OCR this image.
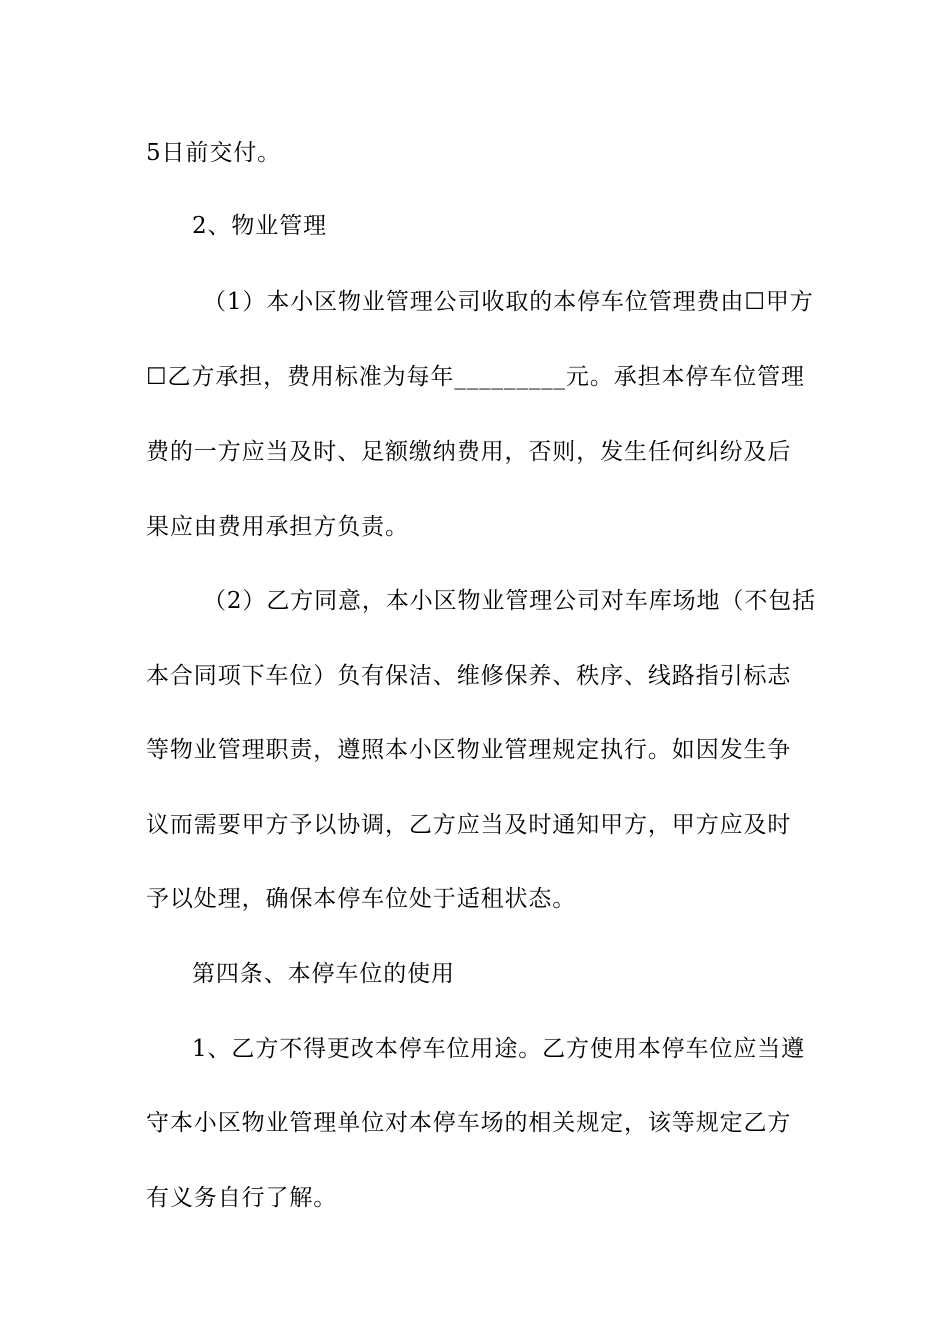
5日前交付。
2、物业管理
（1）本小区物业管理公司收取的本停车位管理费由☐甲方
☐乙方承担，费用标准为每年_________元。承担本停车位管理
费的一方应当及时、足额缴纳费用，否则，发生任何纠纷及后
果应由费用承担方负责。
（2）乙方同意，本小区物业管理公司对车库场地（不包括
本合同项下车位）负有保洁、维修保养、秩序、线路指引标志
等物业管理职责，遵照本小区物业管理规定执行。如因发生争
议而需要甲方予以协调，乙方应当及时通知甲方，甲方应及时
予以处理，确保本停车位处于适租状态。
第四条、本停车位的使用
1、乙方不得更改本停车位用途。乙方使用本停车位应当遵
守本小区物业管理单位对本停车场的相关规定，该等规定乙方
有义务自行了解。
